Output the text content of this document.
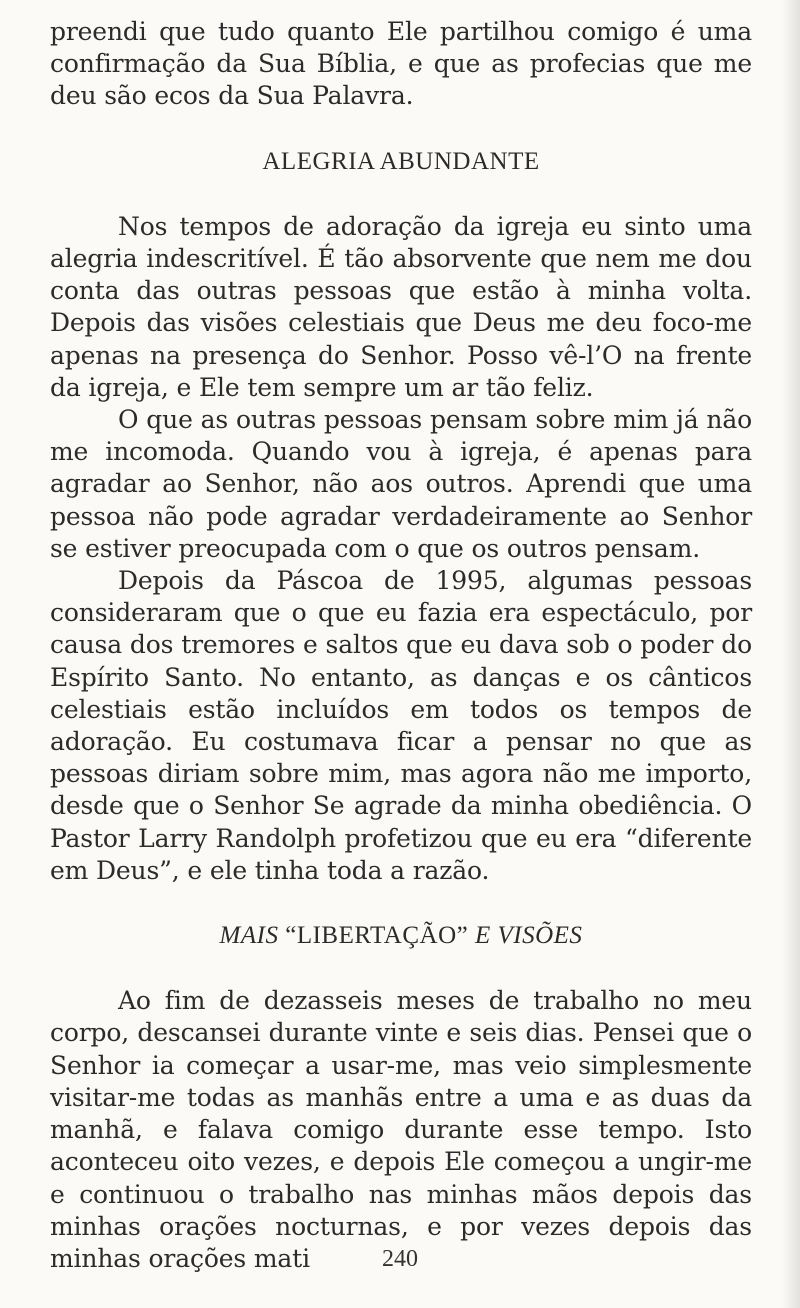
preendi que tudo quanto Ele partilhou comigo é uma confirmação da Sua Bíblia, e que as profecias que me deu são ecos da Sua Palavra.

ALEGRIA ABUNDANTE

Nos tempos de adoração da igreja eu sinto uma alegria indescritível. É tão absorvente que nem me dou conta das outras pessoas que estão à minha volta. Depois das visões celestiais que Deus me deu foco-me apenas na presença do Senhor. Posso vê-l’O na frente da igreja, e Ele tem sempre um ar tão feliz.

O que as outras pessoas pensam sobre mim já não me incomoda. Quando vou à igreja, é apenas para agradar ao Senhor, não aos outros. Aprendi que uma pessoa não pode agradar verdadeiramente ao Senhor se estiver preocupada com o que os outros pensam.

Depois da Páscoa de 1995, algumas pessoas consideraram que o que eu fazia era espectáculo, por causa dos tremores e saltos que eu dava sob o poder do Espírito Santo. No entanto, as danças e os cânticos celestiais estão incluídos em todos os tempos de adoração. Eu costumava ficar a pensar no que as pessoas diriam sobre mim, mas agora não me importo, desde que o Senhor Se agrade da minha obediência. O Pastor Larry Randolph profetizou que eu era “diferente em Deus”, e ele tinha toda a razão.

MAIS “LIBERTAÇÃO” E VISÕES

Ao fim de dezasseis meses de trabalho no meu corpo, descansei durante vinte e seis dias. Pensei que o Senhor ia começar a usar-me, mas veio simplesmente visitar-me todas as manhãs entre a uma e as duas da manhã, e falava comigo durante esse tempo. Isto aconteceu oito vezes, e depois Ele começou a ungir-me e continuou o trabalho nas minhas mãos depois das minhas orações nocturnas, e por vezes depois das minhas orações mati	240
